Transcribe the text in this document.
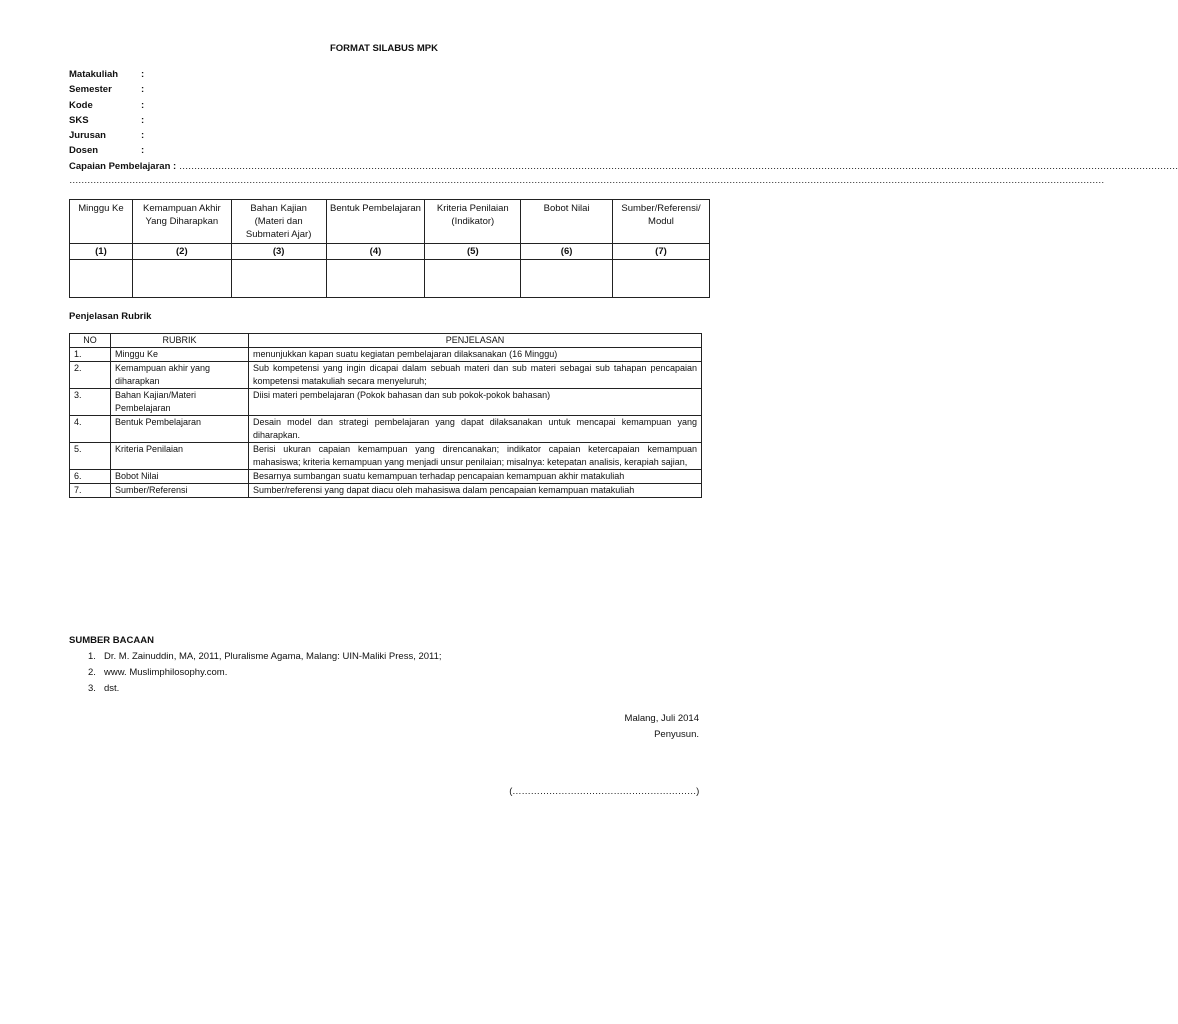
FORMAT SILABUS MPK
Matakuliah :
Semester	:
Kode	:
SKS	:
Jurusan	:
Dosen	:
Capaian Pembelajaran : ………………………………………………………………………………………………………………………………………………………………………………………………………………………………………………………………………………………………………
…………………………………………………………………………………………………………………………………………………………………………………………………………………………………………………………………………………………………………………
Minggu Ke	Kemampuan Akhir Yang Diharapkan	Bahan Kajian (Materi dan Submateri Ajar)	Bentuk Pembelajaran	Kriteria Penilaian (Indikator)	Bobot Nilai	Sumber/Referensi/ Modul
(1)	(2)	(3)	(4)	(5)	(6)	(7)

Penjelasan Rubrik
NO	RUBRIK	PENJELASAN
1.	Minggu Ke	menunjukkan kapan suatu kegiatan pembelajaran dilaksanakan (16 Minggu)
2.	Kemampuan akhir yang diharapkan	Sub kompetensi yang ingin dicapai dalam sebuah materi dan sub materi sebagai sub tahapan pencapaian kompetensi matakuliah secara menyeluruh;
3.	Bahan Kajian/Materi Pembelajaran	Diisi materi pembelajaran (Pokok bahasan dan sub pokok-pokok bahasan)
4.	Bentuk Pembelajaran	Desain model dan strategi pembelajaran yang dapat dilaksanakan untuk mencapai kemampuan yang diharapkan.
5.	Kriteria Penilaian	Berisi ukuran capaian kemampuan yang direncanakan; indikator capaian ketercapaian kemampuan mahasiswa; kriteria kemampuan yang menjadi unsur penilaian; misalnya: ketepatan analisis, kerapiah sajian,
6.	Bobot Nilai	Besarnya sumbangan suatu kemampuan terhadap pencapaian kemampuan akhir matakuliah
7.	Sumber/Referensi	Sumber/referensi yang dapat diacu oleh mahasiswa dalam pencapaian kemampuan matakuliah
SUMBER BACAAN
1. Dr. M. Zainuddin, MA, 2011, Pluralisme Agama, Malang: UIN-Maliki Press, 2011;
2. www. Muslimphilosophy.com.
3. dst.
Malang, Juli 2014
Penyusun.
(……………………………………………………)
